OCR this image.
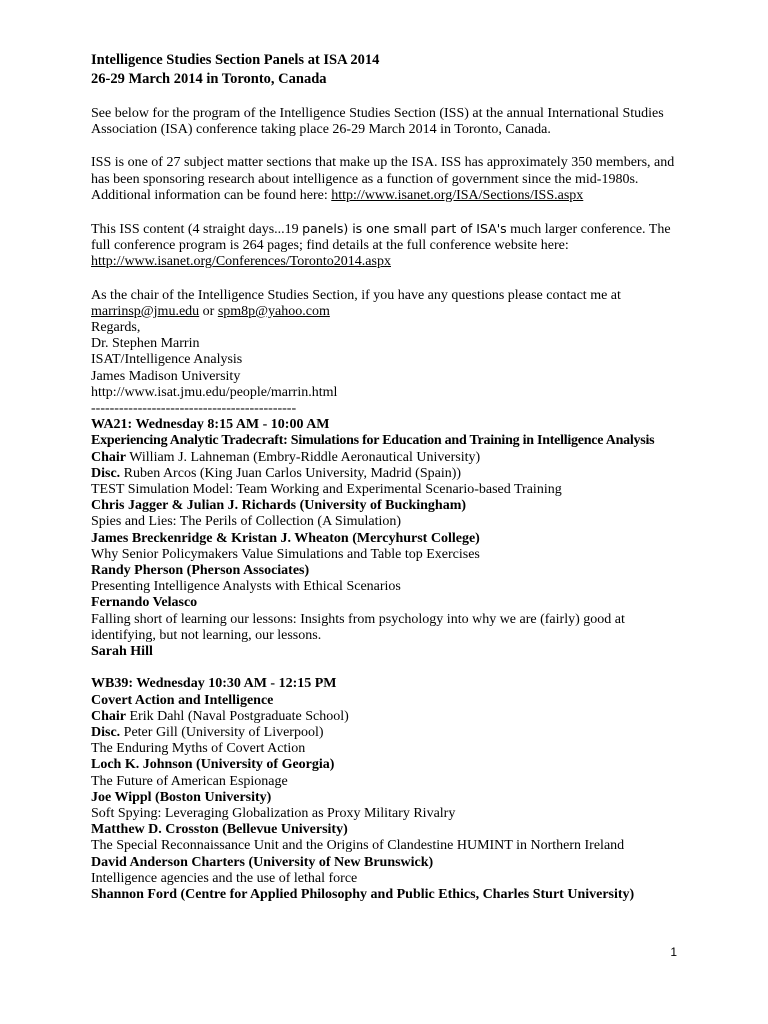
Intelligence Studies Section Panels at ISA 2014
26-29 March 2014 in Toronto, Canada

See below for the program of the Intelligence Studies Section (ISS) at the annual International Studies Association (ISA) conference taking place 26-29 March 2014 in Toronto, Canada.

ISS is one of 27 subject matter sections that make up the ISA. ISS has approximately 350 members, and has been sponsoring research about intelligence as a function of government since the mid-1980s. Additional information can be found here: http://www.isanet.org/ISA/Sections/ISS.aspx

This ISS content (4 straight days...19 panels) is one small part of ISA's much larger conference. The full conference program is 264 pages; find details at the full conference website here: http://www.isanet.org/Conferences/Toronto2014.aspx

As the chair of the Intelligence Studies Section, if you have any questions please contact me at

marrinsp@jmu.edu or spm8p@yahoo.com

Regards,

Dr. Stephen Marrin

ISAT/Intelligence Analysis

James Madison University

http://www.isat.jmu.edu/people/marrin.html

--------------------------------------------

WA21: Wednesday 8:15 AM - 10:00 AM

Experiencing Analytic Tradecraft: Simulations for Education and Training in Intelligence Analysis

Chair William J. Lahneman (Embry-Riddle Aeronautical University)

Disc. Ruben Arcos (King Juan Carlos University, Madrid (Spain))

TEST Simulation Model: Team Working and Experimental Scenario-based Training

Chris Jagger & Julian J. Richards (University of Buckingham)

Spies and Lies: The Perils of Collection (A Simulation)

James Breckenridge & Kristan J. Wheaton (Mercyhurst College)

Why Senior Policymakers Value Simulations and Table top Exercises

Randy Pherson (Pherson Associates)

Presenting Intelligence Analysts with Ethical Scenarios

Fernando Velasco

Falling short of learning our lessons: Insights from psychology into why we are (fairly) good at identifying, but not learning, our lessons.

Sarah Hill

WB39: Wednesday 10:30 AM - 12:15 PM

Covert Action and Intelligence

Chair Erik Dahl (Naval Postgraduate School)

Disc. Peter Gill (University of Liverpool)

The Enduring Myths of Covert Action

Loch K. Johnson (University of Georgia)

The Future of American Espionage

Joe Wippl (Boston University)

Soft Spying: Leveraging Globalization as Proxy Military Rivalry

Matthew D. Crosston (Bellevue University)

The Special Reconnaissance Unit and the Origins of Clandestine HUMINT in Northern Ireland

David Anderson Charters (University of New Brunswick)

Intelligence agencies and the use of lethal force

Shannon Ford (Centre for Applied Philosophy and Public Ethics, Charles Sturt University)

1
